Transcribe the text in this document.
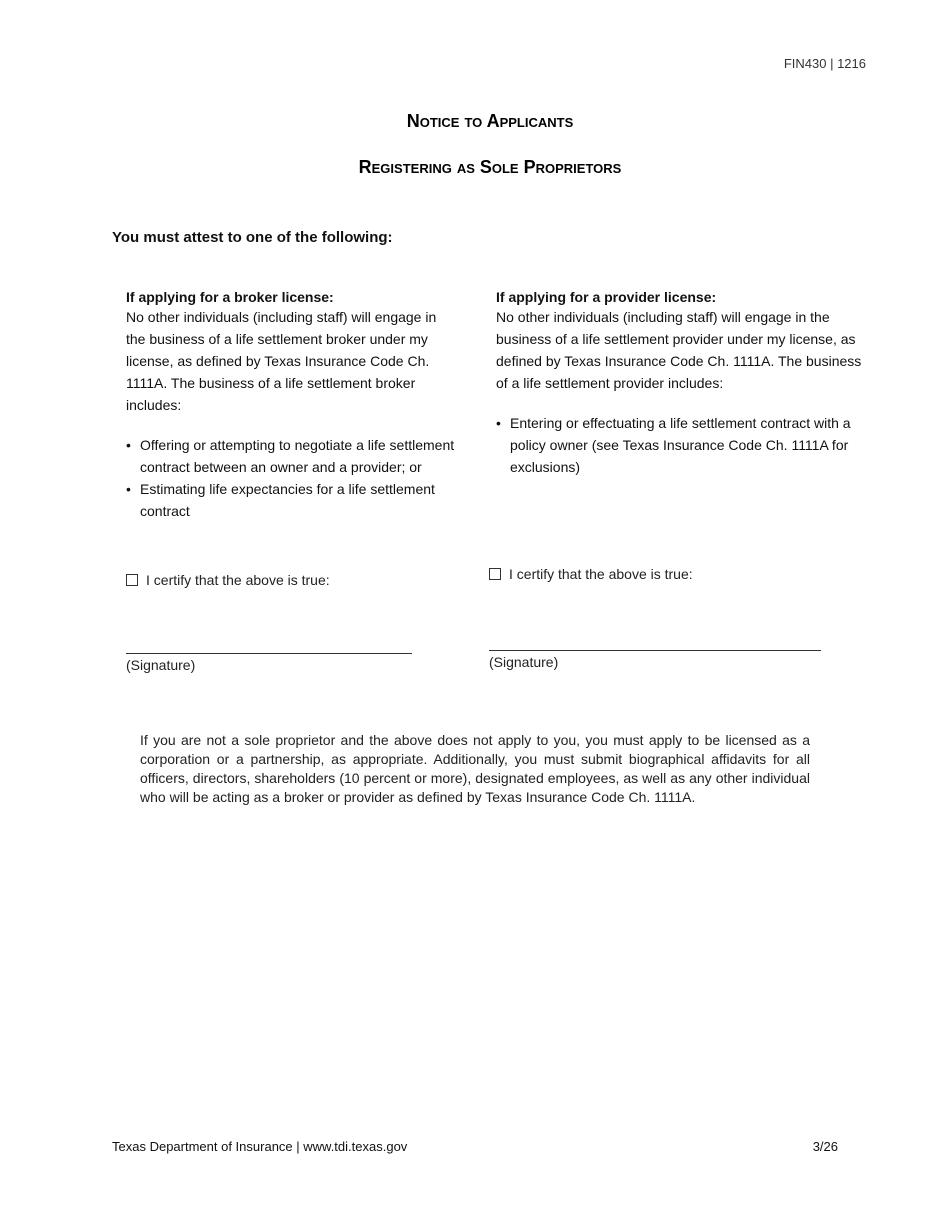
FIN430 | 1216
Notice to Applicants
Registering as Sole Proprietors
You must attest to one of the following:
If applying for a broker license:

No other individuals (including staff) will engage in the business of a life settlement broker under my license, as defined by Texas Insurance Code Ch. 1111A. The business of a life settlement broker includes:

• Offering or attempting to negotiate a life settlement contract between an owner and a provider; or
• Estimating life expectancies for a life settlement contract
If applying for a provider license:

No other individuals (including staff) will engage in the business of a life settlement provider under my license, as defined by Texas Insurance Code Ch. 1111A. The business of a life settlement provider includes:

• Entering or effectuating a life settlement contract with a policy owner (see Texas Insurance Code Ch. 1111A for exclusions)
I certify that the above is true:	I certify that the above is true:
(Signature)	(Signature)

If you are not a sole proprietor and the above does not apply to you, you must apply to be licensed as a corporation or a partnership, as appropriate. Additionally, you must submit biographical affidavits for all officers, directors, shareholders (10 percent or more), designated employees, as well as any other individual who will be acting as a broker or provider as defined by Texas Insurance Code Ch. 1111A.

Texas Department of Insurance | www.tdi.texas.gov	3/26
